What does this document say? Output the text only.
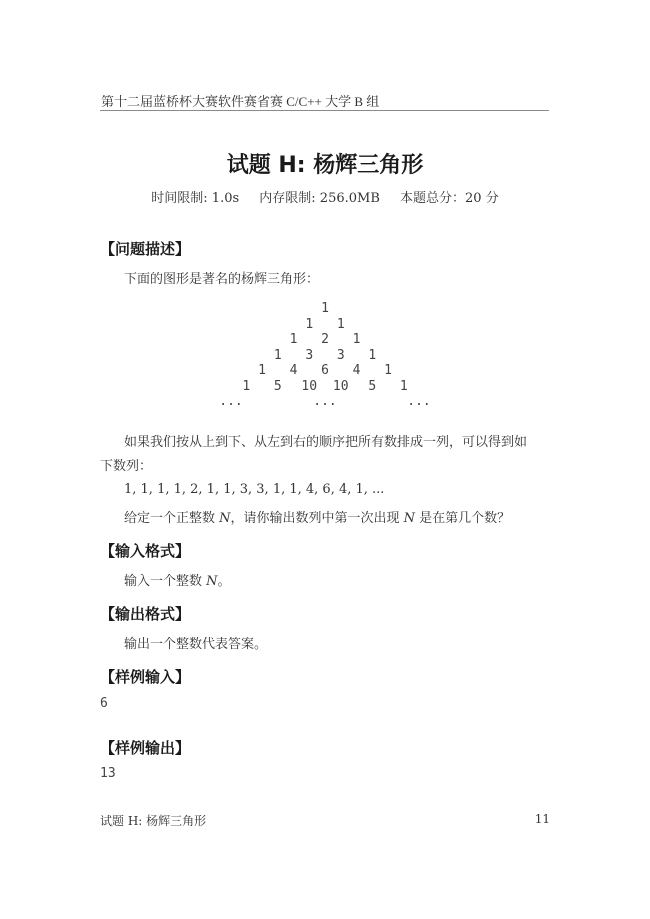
第十二届蓝桥杯大赛软件赛省赛 C/C++ 大学 B 组
试题 H: 杨辉三角形
时间限制: 1.0s 内存限制: 256.0MB 本题总分：20 分
【问题描述】
下面的图形是著名的杨辉三角形：
1
1 1
1 2 1
1 3 3 1
1 4 6 4 1
1 5 10 10 5 1
...	...	...
如果我们按从上到下、从左到右的顺序把所有数排成一列，可以得到如下数列：
1, 1, 1, 1, 2, 1, 1, 3, 3, 1, 1, 4, 6, 4, 1, ...
给定一个正整数 N，请你输出数列中第一次出现 N 是在第几个数？
【输入格式】
输入一个整数 N。
【输出格式】
输出一个整数代表答案。
【样例输入】
6
【样例输出】
13
试题 H: 杨辉三角形	11
